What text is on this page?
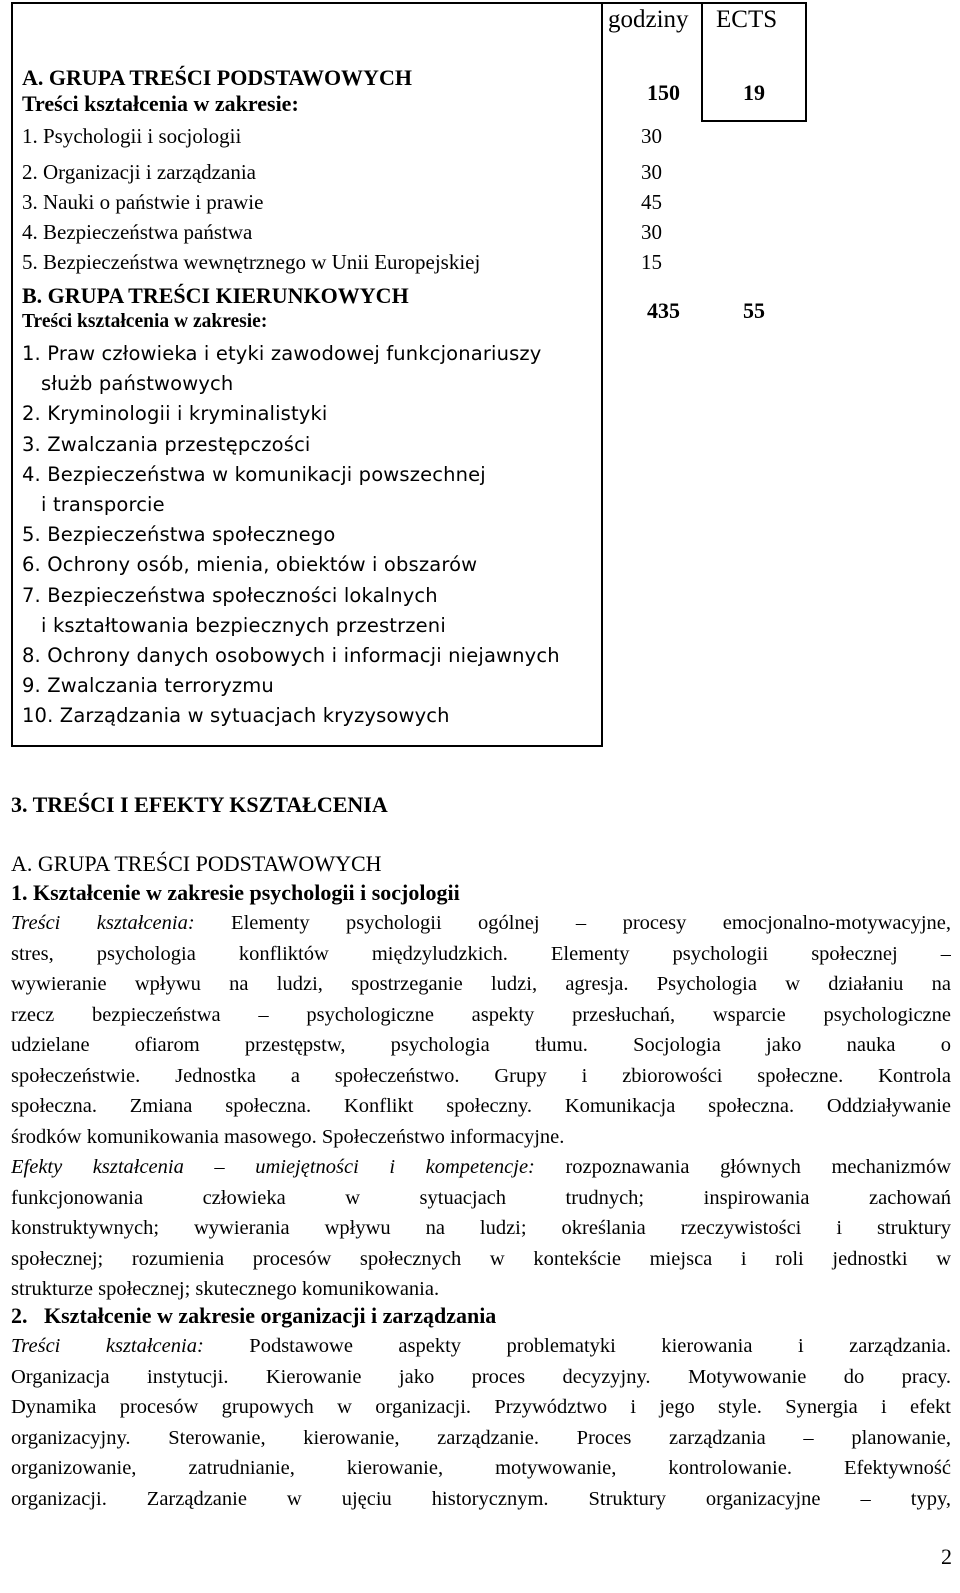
godziny ECTS
A. GRUPA TREŚCI PODSTAWOWYCH
Treści kształcenia w zakresie:	150	19
1. Psychologii i socjologii	30
2. Organizacji i zarządzania	30
3. Nauki o państwie i prawie	45
4. Bezpieczeństwa państwa	30
5. Bezpieczeństwa wewnętrznego w Unii Europejskiej	15
B. GRUPA TREŚCI KIERUNKOWYCH
Treści kształcenia w zakresie:	435	55
1. Praw człowieka i etyki zawodowej funkcjonariuszy
służb państwowych
2. Kryminologii i kryminalistyki
3. Zwalczania przestępczości
4. Bezpieczeństwa w komunikacji powszechnej
i transporcie
5. Bezpieczeństwa społecznego
6. Ochrony osób, mienia, obiektów i obszarów
7. Bezpieczeństwa społeczności lokalnych
i kształtowania bezpiecznych przestrzeni
8. Ochrony danych osobowych i informacji niejawnych
9. Zwalczania terroryzmu
10. Zarządzania w sytuacjach kryzysowych
3. TREŚCI I EFEKTY KSZTAŁCENIA
A. GRUPA TREŚCI PODSTAWOWYCH
1. Kształcenie w zakresie psychologii i socjologii
Treści kształcenia: Elementy psychologii ogólnej – procesy emocjonalno-motywacyjne,
stres, psychologia konfliktów międzyludzkich. Elementy psychologii społecznej –
wywieranie wpływu na ludzi, spostrzeganie ludzi, agresja. Psychologia w działaniu na
rzecz bezpieczeństwa – psychologiczne aspekty przesłuchań, wsparcie psychologiczne
udzielane ofiarom przestępstw, psychologia tłumu. Socjologia jako nauka o
społeczeństwie. Jednostka a społeczeństwo. Grupy i zbiorowości społeczne. Kontrola
społeczna. Zmiana społeczna. Konflikt społeczny. Komunikacja społeczna. Oddziaływanie
środków komunikowania masowego. Społeczeństwo informacyjne.
Efekty kształcenia – umiejętności i kompetencje: rozpoznawania głównych mechanizmów
funkcjonowania człowieka w sytuacjach trudnych; inspirowania zachowań
konstruktywnych; wywierania wpływu na ludzi; określania rzeczywistości i struktury
społecznej; rozumienia procesów społecznych w kontekście miejsca i roli jednostki w
strukturze społecznej; skutecznego komunikowania.
2. Kształcenie w zakresie organizacji i zarządzania
Treści kształcenia: Podstawowe aspekty problematyki kierowania i zarządzania.
Organizacja instytucji. Kierowanie jako proces decyzyjny. Motywowanie do pracy.
Dynamika procesów grupowych w organizacji. Przywództwo i jego style. Synergia i efekt
organizacyjny. Sterowanie, kierowanie, zarządzanie. Proces zarządzania – planowanie,
organizowanie, zatrudnianie, kierowanie, motywowanie, kontrolowanie. Efektywność
organizacji. Zarządzanie w ujęciu historycznym. Struktury organizacyjne – typy,
2
